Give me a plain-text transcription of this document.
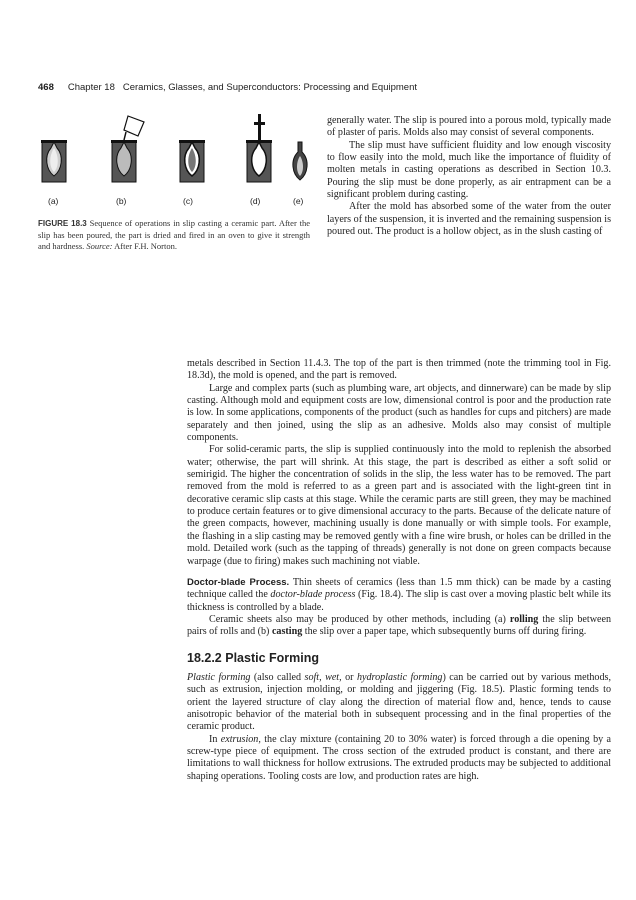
468 Chapter 18 Ceramics, Glasses, and Superconductors: Processing and Equipment
(a)	(b)	(c)	(d)	(e)
FIGURE 18.3 Sequence of operations in slip casting a ceramic part. After the slip has been poured, the part is dried and fired in an oven to give it strength and hardness. Source: After F.H. Norton.

generally water. The slip is poured into a porous mold, typically made of plaster of paris. Molds also may consist of several components.

The slip must have sufficient fluidity and low enough viscosity to flow easily into the mold, much like the importance of fluidity of molten metals in casting operations as described in Section 10.3. Pouring the slip must be done properly, as air entrapment can be a significant problem during casting.

After the mold has absorbed some of the water from the outer layers of the suspension, it is inverted and the remaining suspension is poured out. The product is a hollow object, as in the slush casting of

metals described in Section 11.4.3. The top of the part is then trimmed (note the trimming tool in Fig. 18.3d), the mold is opened, and the part is removed.

Large and complex parts (such as plumbing ware, art objects, and dinnerware) can be made by slip casting. Although mold and equipment costs are low, dimensional control is poor and the production rate is low. In some applications, components of the product (such as handles for cups and pitchers) are made separately and then joined, using the slip as an adhesive. Molds also may consist of multiple components.

For solid-ceramic parts, the slip is supplied continuously into the mold to replenish the absorbed water; otherwise, the part will shrink. At this stage, the part is described as either a soft solid or semirigid. The higher the concentration of solids in the slip, the less water has to be removed. The part removed from the mold is referred to as a green part and is associated with the light-green tint in decorative ceramic slip casts at this stage. While the ceramic parts are still green, they may be machined to produce certain features or to give dimensional accuracy to the parts. Because of the delicate nature of the green compacts, however, machining usually is done manually or with simple tools. For example, the flashing in a slip casting may be removed gently with a fine wire brush, or holes can be drilled in the mold. Detailed work (such as the tapping of threads) generally is not done on green compacts because warpage (due to firing) makes such machining not viable.

Doctor-blade Process. Thin sheets of ceramics (less than 1.5 mm thick) can be made by a casting technique called the doctor-blade process (Fig. 18.4). The slip is cast over a moving plastic belt while its thickness is controlled by a blade.

Ceramic sheets also may be produced by other methods, including (a) rolling the slip between pairs of rolls and (b) casting the slip over a paper tape, which subsequently burns off during firing.

18.2.2 Plastic Forming

Plastic forming (also called soft, wet, or hydroplastic forming) can be carried out by various methods, such as extrusion, injection molding, or molding and jiggering (Fig. 18.5). Plastic forming tends to orient the layered structure of clay along the direction of material flow and, hence, tends to cause anisotropic behavior of the material both in subsequent processing and in the final properties of the ceramic product.

In extrusion, the clay mixture (containing 20 to 30% water) is forced through a die opening by a screw-type piece of equipment. The cross section of the extruded product is constant, and there are limitations to wall thickness for hollow extrusions. The extruded products may be subjected to additional shaping operations. Tooling costs are low, and production rates are high.
